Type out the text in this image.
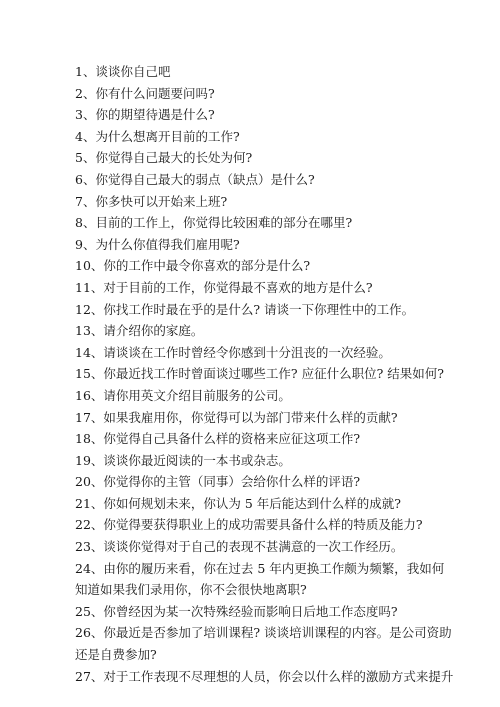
1、谈谈你自己吧
2、你有什么问题要问吗?
3、你的期望待遇是什么?
4、为什么想离开目前的工作?
5、你觉得自己最大的长处为何?
6、你觉得自己最大的弱点（缺点）是什么?
7、你多快可以开始来上班?
8、目前的工作上，你觉得比较困难的部分在哪里?
9、为什么你值得我们雇用呢?
10、你的工作中最令你喜欢的部分是什么?
11、对于目前的工作，你觉得最不喜欢的地方是什么?
12、你找工作时最在乎的是什么? 请谈一下你理性中的工作。
13、请介绍你的家庭。
14、请谈谈在工作时曾经令你感到十分沮丧的一次经验。
15、你最近找工作时曾面谈过哪些工作? 应征什么职位? 结果如何?
16、请你用英文介绍目前服务的公司。
17、如果我雇用你，你觉得可以为部门带来什么样的贡献?
18、你觉得自己具备什么样的资格来应征这项工作?
19、谈谈你最近阅读的一本书或杂志。
20、你觉得你的主管（同事）会给你什么样的评语?
21、你如何规划未来，你认为 5 年后能达到什么样的成就?
22、你觉得要获得职业上的成功需要具备什么样的特质及能力?
23、谈谈你觉得对于自己的表现不甚满意的一次工作经历。
24、由你的履历来看，你在过去 5 年内更换工作颇为频繁，我如何知道如果我们录用你，你不会很快地离职?
25、你曾经因为某一次特殊经验而影响日后地工作态度吗?
26、你最近是否参加了培训课程? 谈谈培训课程的内容。是公司资助还是自费参加?
27、对于工作表现不尽理想的人员，你会以什么样的激励方式来提升
